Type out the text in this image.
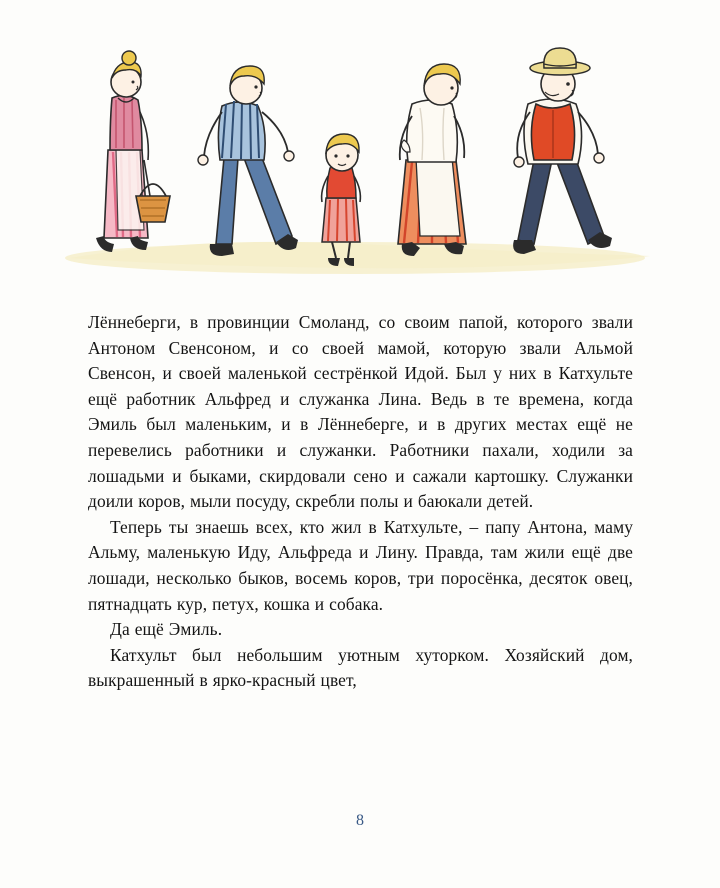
Лённеберги, в провинции Смоланд, со своим папой, которого звали Антоном Свенсоном, и со своей мамой, которую звали Альмой Свенсон, и своей маленькой сестрёнкой Идой. Был у них в Катхульте ещё работник Альфред и служанка Лина. Ведь в те времена, когда Эмиль был маленьким, и в Лённеберге, и в других местах ещё не перевелись работники и служанки. Работники пахали, ходили за лошадьми и быками, скирдовали сено и сажали картошку. Служанки доили коров, мыли посуду, скребли полы и баюкали детей.

Теперь ты знаешь всех, кто жил в Катхульте, – папу Антона, маму Альму, маленькую Иду, Альфреда и Лину. Правда, там жили ещё две лошади, несколько быков, восемь коров, три поросёнка, десяток овец, пятнадцать кур, петух, кошка и собака.

Да ещё Эмиль.

Катхульт был небольшим уютным хуторком. Хозяйский дом, выкрашенный в ярко-красный цвет,

8
